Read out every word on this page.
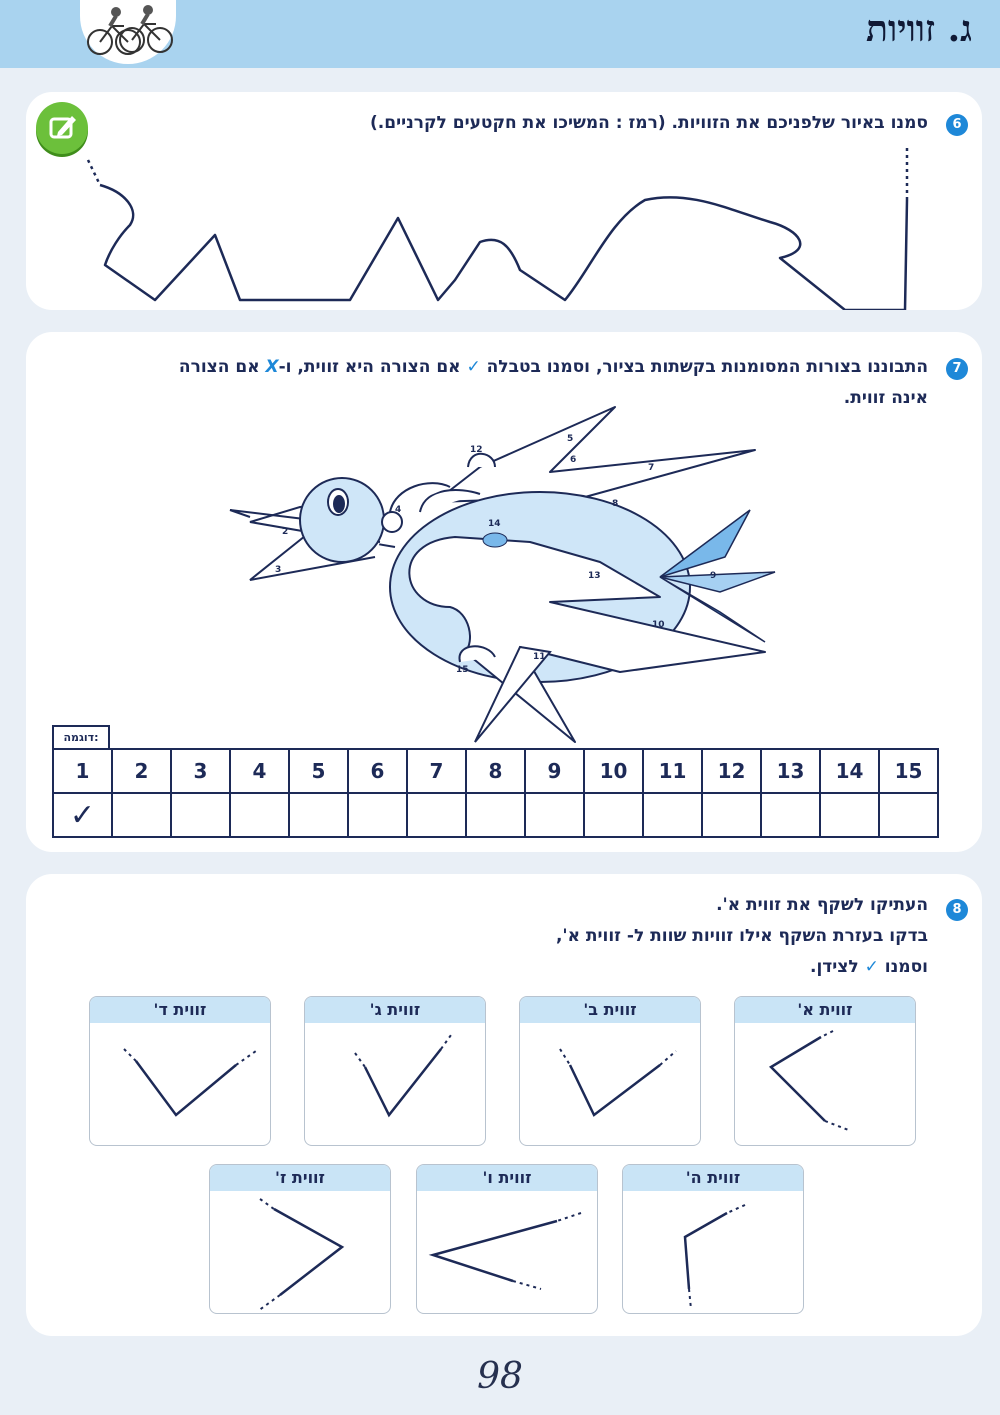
ג. זוויות
6
סמנו באיור שלפניכם את הזוויות. (רמז : המשיכו את חקטעים לקרניים.)
7
התבוננו בצורות המסומנות בקשתות בציור, וסמנו בטבלה ✓ אם הצורה היא זווית, ו-X אם הצורה
אינה זווית.
2
3
4
5
6
7
8
9
10
11
12
13
14
15
דוגמה:
1	2	3	4	5	6	7	8	9	10	11	12	13	14	15
✓														
8
העתיקו לשקף את זווית א'.
בדקו בעזרת השקף אילו זוויות שוות ל- זווית א',
וסמנו ✓ לצידן.
זווית א'
זווית ב'
זווית ג'
זווית ד'
זווית ה'
זווית ו'
זווית ז'
98
